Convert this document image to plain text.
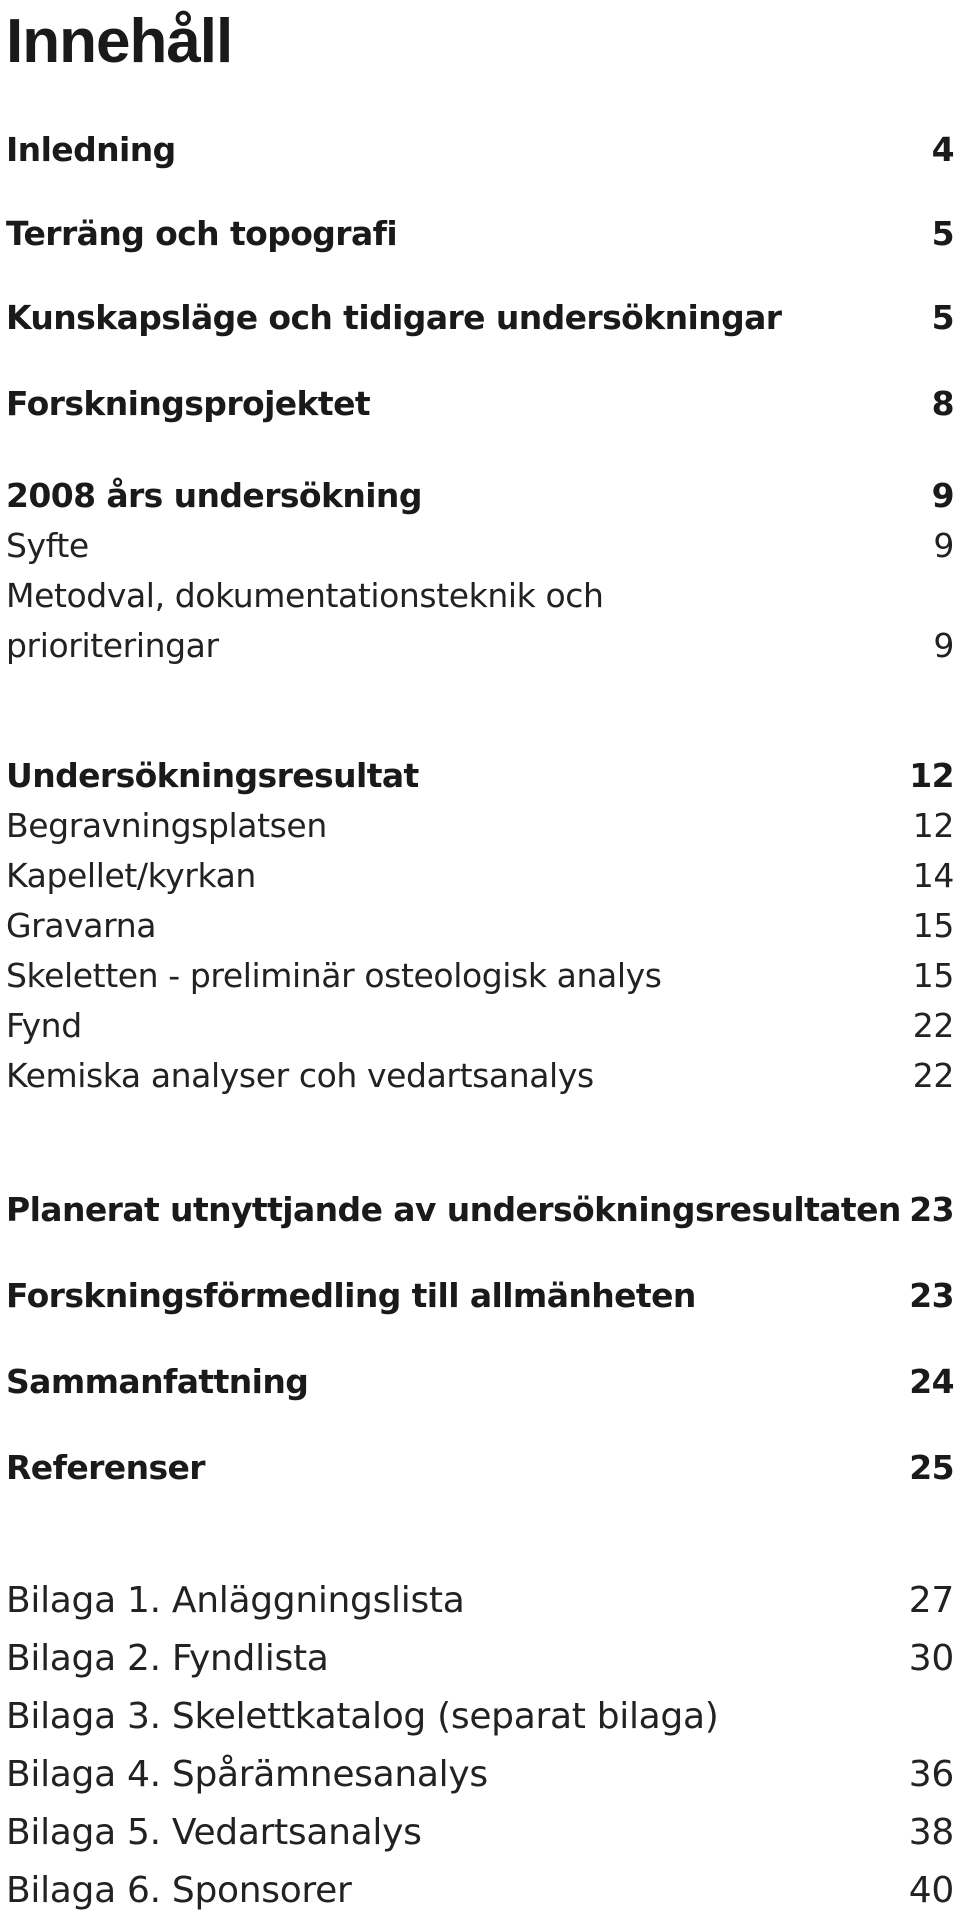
Innehåll
Inledning	4
Terräng och topografi	5
Kunskapsläge och tidigare undersökningar	5
Forskningsprojektet	8
2008 års undersökning	9
Syfte	9
Metodval, dokumentationsteknik och
prioriteringar	9
Undersökningsresultat	12
Begravningsplatsen	12
Kapellet/kyrkan	14
Gravarna	15
Skeletten - preliminär osteologisk analys	15
Fynd	22
Kemiska analyser coh vedartsanalys	22
Planerat utnyttjande av undersökningsresultaten 23
Forskningsförmedling till allmänheten	23
Sammanfattning	24
Referenser	25
Bilaga 1. Anläggningslista	27
Bilaga 2. Fyndlista	30
Bilaga 3. Skelettkatalog (separat bilaga)
Bilaga 4. Spårämnesanalys	36
Bilaga 5. Vedartsanalys	38
Bilaga 6. Sponsorer	40
